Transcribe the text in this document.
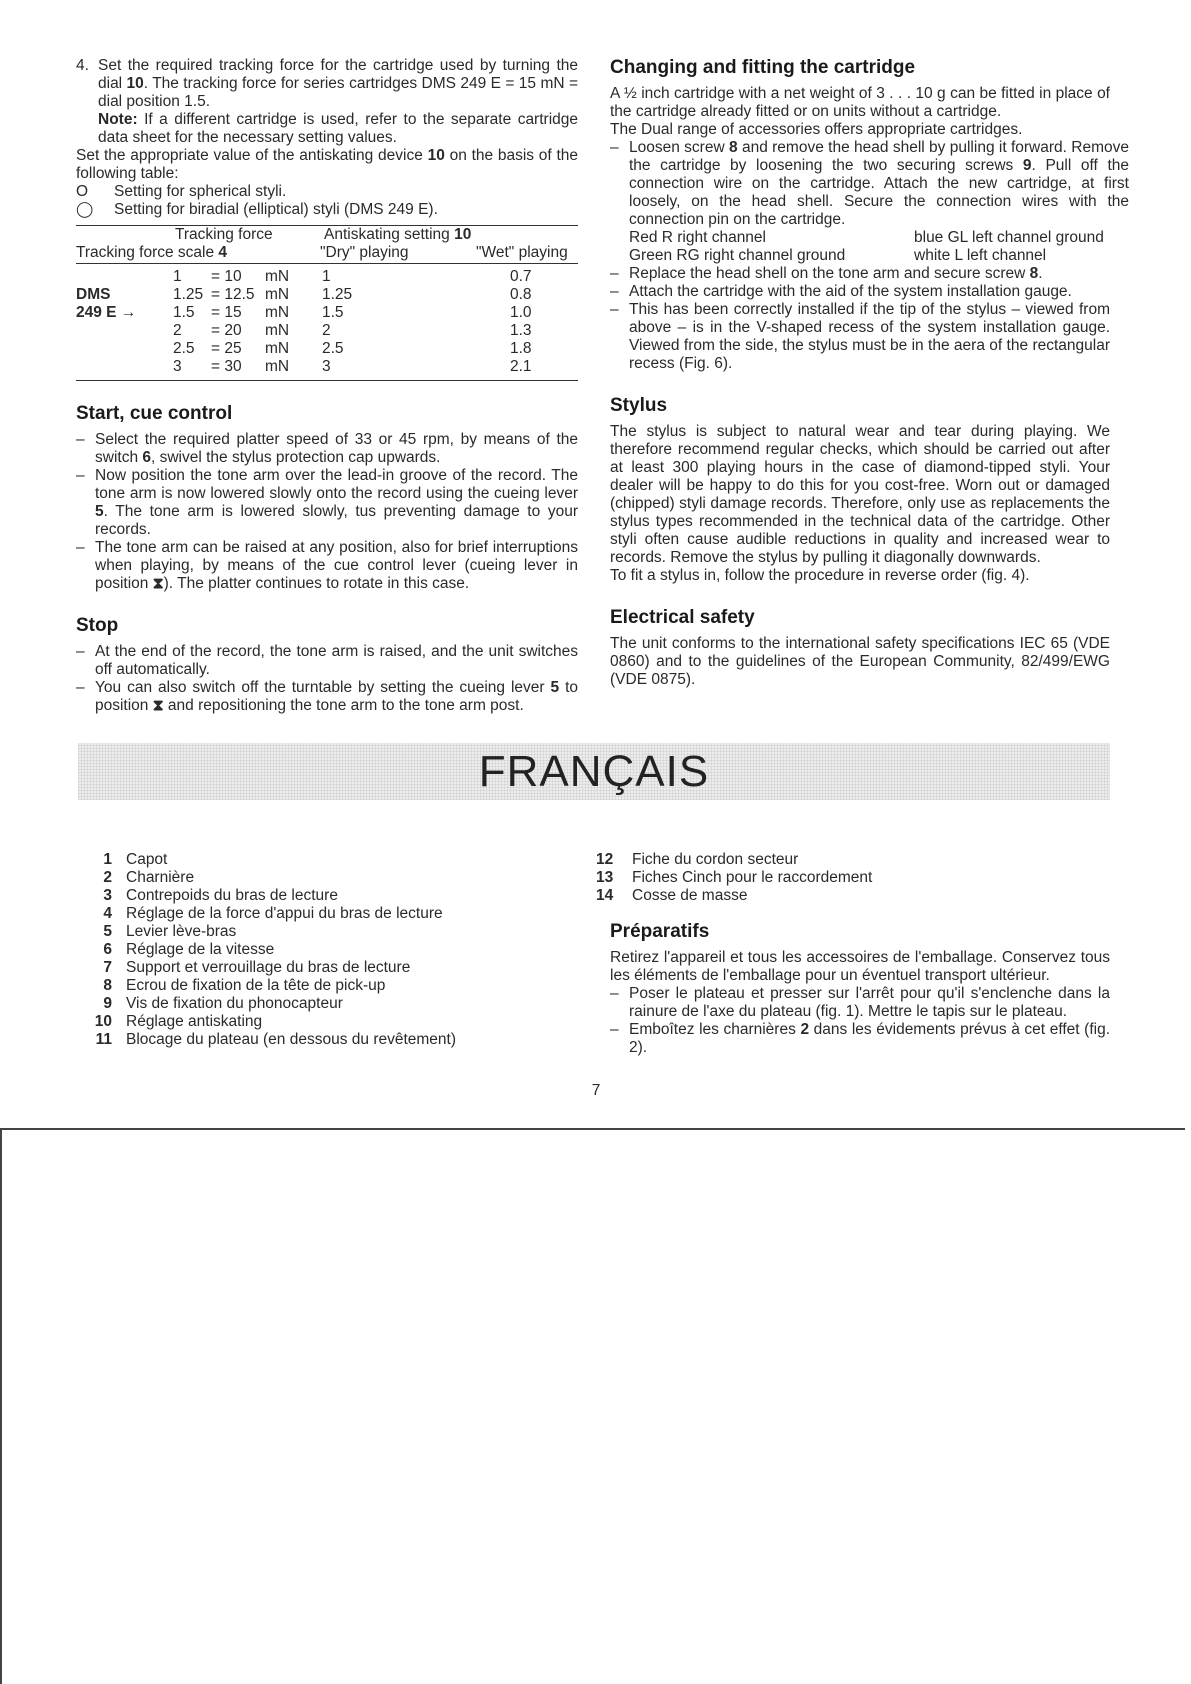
4. Set the required tracking force for the cartridge used by turning the dial 10. The tracking force for series cartridges DMS 249 E = 15 mN = dial position 1.5.

Note: If a different cartridge is used, refer to the separate cartridge data sheet for the necessary setting values.

Set the appropriate value of the antiskating device 10 on the basis of the following table:

O	Setting for spherical styli.
◯	Setting for biradial (elliptical) styli (DMS 249 E).
	Tracking force			Antiskating setting 10	
Tracking force scale 4				"Dry" playing	"Wet" playing
	1	= 10	mN	1	0.7
DMS	1.25	= 12.5	mN	1.25	0.8
249 E →	1.5	= 15	mN	1.5	1.0
	2	= 20	mN	2	1.3
	2.5	= 25	mN	2.5	1.8
	3	= 30	mN	3	2.1
Start, cue control
– Select the required platter speed of 33 or 45 rpm, by means of the switch 6, swivel the stylus protection cap upwards.
– Now position the tone arm over the lead-in groove of the record. The tone arm is now lowered slowly onto the record using the cueing lever 5. The tone arm is lowered slowly, tus preventing damage to your records.
– The tone arm can be raised at any position, also for brief interruptions when playing, by means of the cue control lever (cueing lever in position ⧗). The platter continues to rotate in this case.
Stop
– At the end of the record, the tone arm is raised, and the unit switches off automatically.
– You can also switch off the turntable by setting the cueing lever 5 to position ⧗ and repositioning the tone arm to the tone arm post.
Changing and fitting the cartridge

A ½ inch cartridge with a net weight of 3 . . . 10 g can be fitted in place of the cartridge already fitted or on units without a cartridge.

The Dual range of accessories offers appropriate cartridges.

– Loosen screw 8 and remove the head shell by pulling it forward. Remove the cartridge by loosening the two securing screws 9. Pull off the connection wire on the cartridge. Attach the new cartridge, at first loosely, on the head shell. Secure the connection wires with the connection pin on the cartridge.
Red R right channel	blue GL left channel ground
Green RG right channel ground	white L left channel
– Replace the head shell on the tone arm and secure screw 8.
– Attach the cartridge with the aid of the system installation gauge.
– This has been correctly installed if the tip of the stylus – viewed from above – is in the V-shaped recess of the system installation gauge. Viewed from the side, the stylus must be in the aera of the rectangular recess (Fig. 6).
Stylus

The stylus is subject to natural wear and tear during playing. We therefore recommend regular checks, which should be carried out after at least 300 playing hours in the case of diamond-tipped styli. Your dealer will be happy to do this for you cost-free. Worn out or damaged (chipped) styli damage records. Therefore, only use as replacements the stylus types recommended in the technical data of the cartridge. Other styli often cause audible reductions in quality and increased wear to records. Remove the stylus by pulling it diagonally downwards.

To fit a stylus in, follow the procedure in reverse order (fig. 4).

Electrical safety

The unit conforms to the international safety specifications IEC 65 (VDE 0860) and to the guidelines of the European Community, 82/499/EWG (VDE 0875).

FRANÇAIS
1 Capot
2 Charnière
3 Contrepoids du bras de lecture
4 Réglage de la force d'appui du bras de lecture
5 Levier lève-bras
6 Réglage de la vitesse
7 Support et verrouillage du bras de lecture
8 Ecrou de fixation de la tête de pick-up
9 Vis de fixation du phonocapteur
10 Réglage antiskating
11 Blocage du plateau (en dessous du revêtement)
12	Fiche du cordon secteur
13	Fiches Cinch pour le raccordement
14	Cosse de masse
Préparatifs

Retirez l'appareil et tous les accessoires de l'emballage. Conservez tous les éléments de l'emballage pour un éventuel transport ultérieur.

– Poser le plateau et presser sur l'arrêt pour qu'il s'enclenche dans la rainure de l'axe du plateau (fig. 1). Mettre le tapis sur le plateau.
– Emboîtez les charnières 2 dans les évidements prévus à cet effet (fig. 2).
7
